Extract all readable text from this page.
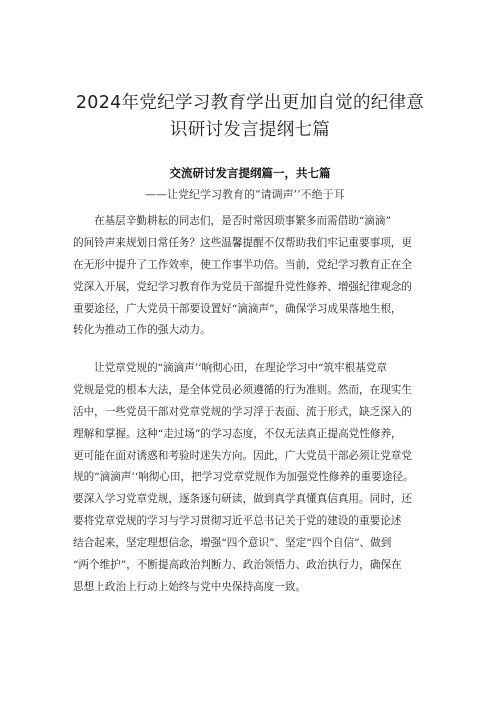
2024年党纪学习教育学出更加自觉的纪律意
识研讨发言提纲七篇
交流研讨发言提纲篇一，共七篇
——让党纪学习教育的“请调声’’不绝于耳
在基层辛勤耕耘的同志们，是否时常因琐事繁多而需借助“滴滴”
的间铃声来规划日常任务？这些温馨提醒不仅帮助我们牢记重要事项，更
在无形中提升了工作效率，使工作事半功倍。当前，党纪学习教育正在全
党深入开展，党纪学习教育作为党员干部提升党性修养、增强纪律观念的
重要途径，广大党员干部要设置好“滴滴声”，确保学习成果落地生根，
转化为推动工作的强大动力。
让党章党规的“滴滴声’’响彻心田，在理论学习中“筑牢根基党章
党规是党的根本大法，是全体党员必须遵循的行为准则。然而，在现实生
活中，一些党员干部对党章党规的学习浮于表面、流于形式，缺乏深入的
理解和掌握。这种“走过场”的学习态度，不仅无法真正提高党性修养，
更可能在面对诱惑和考验时迷失方向。因此，广大党员干部必须让党章党
规的“滴滴声’‘响彻心田，把学习党章党规作为加强党性修养的重要途径。
要深入学习党章党规，逐条逐句研读，做到真学真懂真信真用。同时，还
要将党章党规的学习与学习贯彻习近平总书记关于党的建设的重要论述
结合起来，坚定理想信念，增强“四个意识”、坚定“四个自信”、做到
“两个维护”，不断提高政治判断力、政治领悟力、政治执行力，确保在
思想上政治上行动上始终与党中央保持高度一致。
